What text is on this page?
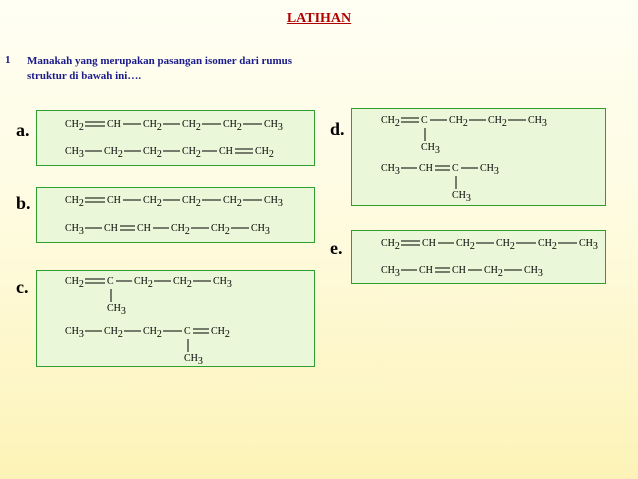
LATIHAN
1 Manakah yang merupakan pasangan isomer dari rumus struktur di bawah ini….
a.	CH2 CH CH2 CH2 CH2 CH3
CH3 CH2 CH2 CH2 CH CH2
b.	CH2 CH CH2 CH2 CH2 CH3
CH3 CH CH CH2 CH2 CH3
c.	CH2 C CH2 CH2 CH3
CH3 CH2 CH2 C CH2
CH3
CH3
d.	CH2 C CH2 CH2 CH3
CH3 CH C CH3
CH3
CH3
e.	CH2 CH CH2 CH2 CH2 CH3
CH3 CH CH CH2 CH3
